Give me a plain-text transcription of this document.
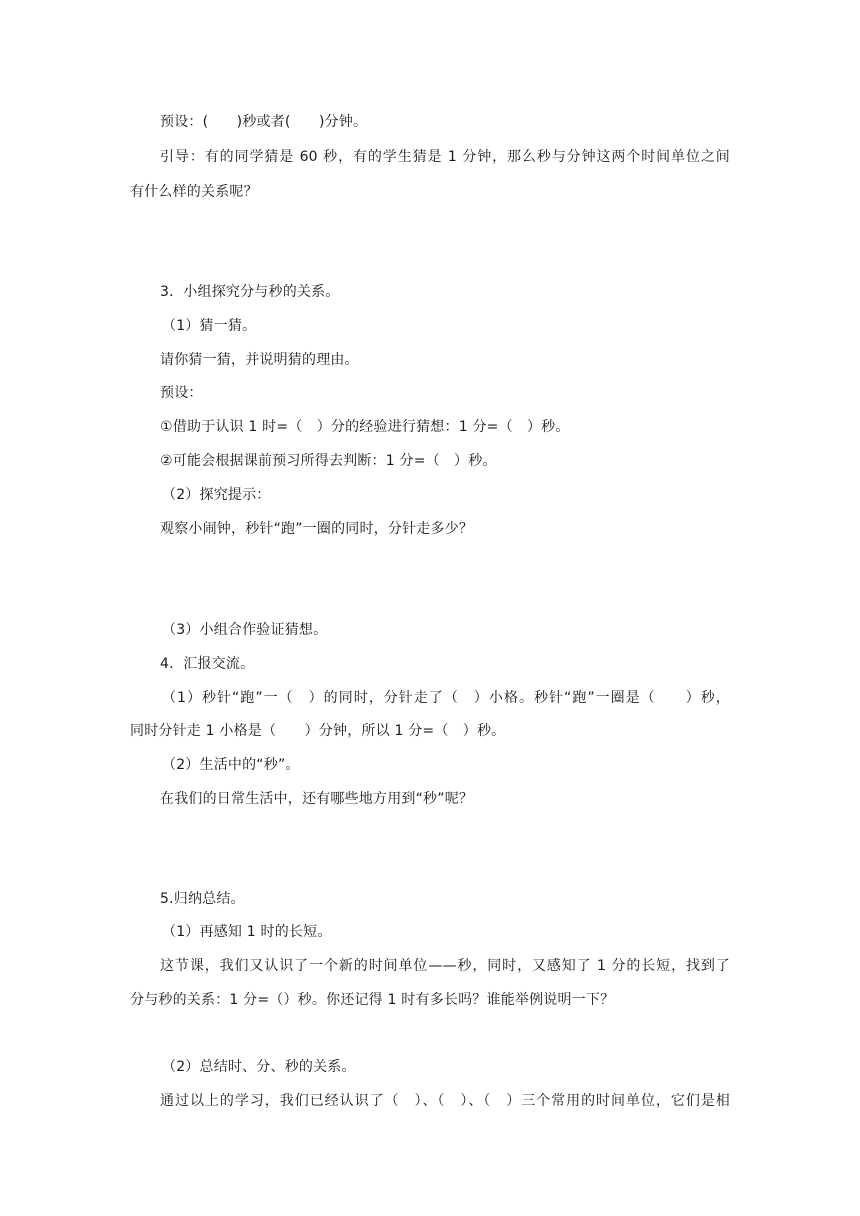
预设：(　　)秒或者(　　)分钟。
引导：有的同学猜是 60 秒，有的学生猜是 1 分钟，那么秒与分钟这两个时间单位之间
有什么样的关系呢？
3．小组探究分与秒的关系。
（1）猜一猜。
请你猜一猜，并说明猜的理由。
预设：
①借助于认识 1 时=（　）分的经验进行猜想：1 分=（　）秒。
②可能会根据课前预习所得去判断：1 分=（　）秒。
（2）探究提示：
观察小闹钟，秒针“跑”一圈的同时，分针走多少？
（3）小组合作验证猜想。
4．汇报交流。
（1）秒针“跑”一（　）的同时，分针走了（　）小格。秒针“跑”一圈是（　　）秒，
同时分针走 1 小格是（　　）分钟，所以 1 分=（　）秒。
（2）生活中的“秒”。
在我们的日常生活中，还有哪些地方用到“秒”呢？
5.归纳总结。
（1）再感知 1 时的长短。
这节课，我们又认识了一个新的时间单位——秒，同时，又感知了 1 分的长短，找到了
分与秒的关系：1 分=（）秒。你还记得 1 时有多长吗？谁能举例说明一下？
（2）总结时、分、秒的关系。
通过以上的学习，我们已经认识了（　）、（　）、（　）三个常用的时间单位，它们是相
